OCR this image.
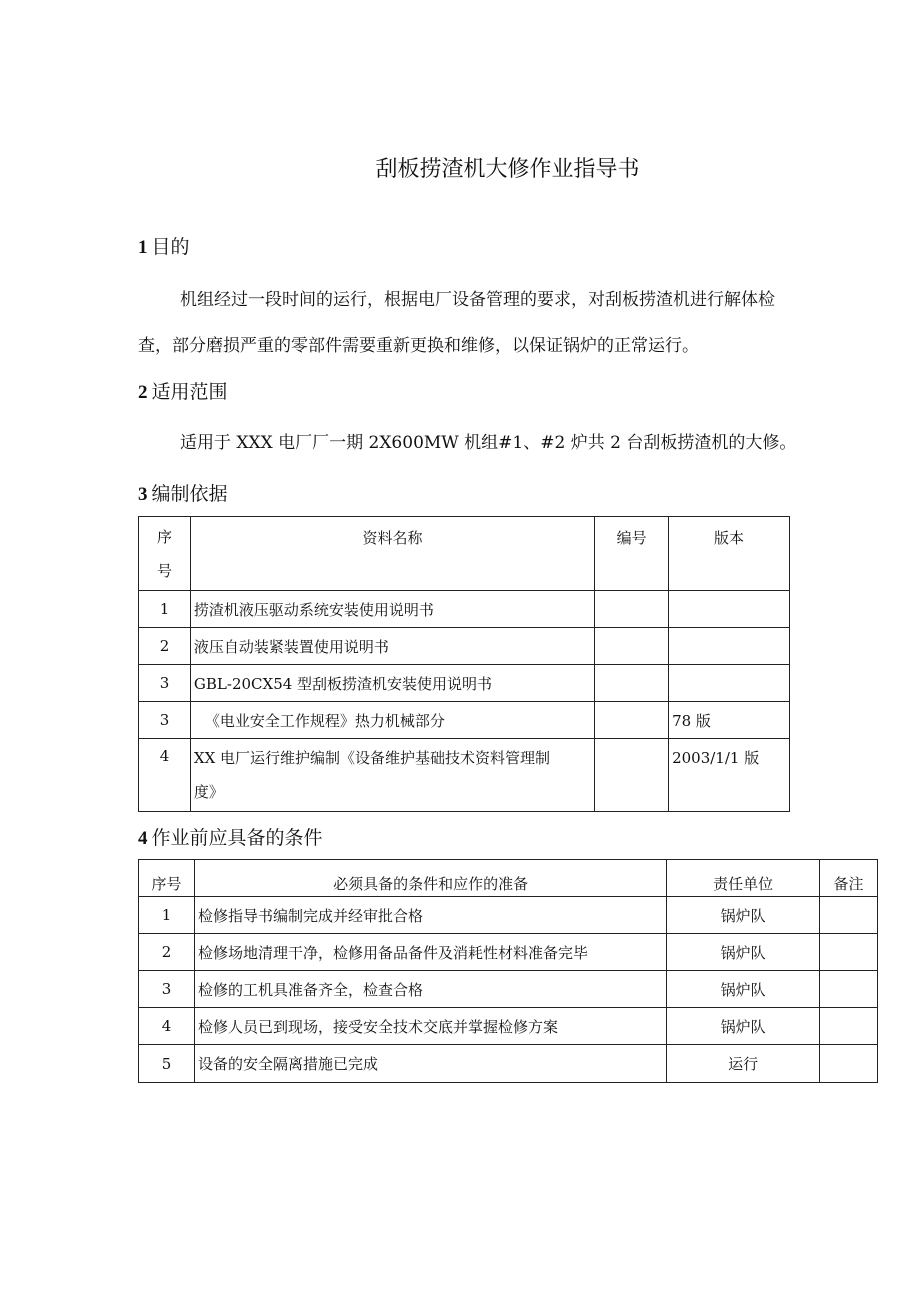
刮板捞渣机大修作业指导书
1 目的
机组经过一段时间的运行，根据电厂设备管理的要求，对刮板捞渣机进行解体检
查，部分磨损严重的零部件需要重新更换和维修，以保证锅炉的正常运行。
2 适用范围
适用于 XXX 电厂厂一期 2X600MW 机组#1、#2 炉共 2 台刮板捞渣机的大修。
3 编制依据
序
号	资料名称	编号	版本
1	捞渣机液压驱动系统安装使用说明书		
2	液压自动装紧装置使用说明书		
3	GBL-20CX54 型刮板捞渣机安装使用说明书		
3	《电业安全工作规程》热力机械部分		78 版
4	XX 电厂运行维护编制《设备维护基础技术资料管理制
度》		2003/1/1 版
4 作业前应具备的条件
序号	必须具备的条件和应作的准备	责任单位	备注
1	检修指导书编制完成并经审批合格	锅炉队	
2	检修场地清理干净，检修用备品备件及消耗性材料准备完毕	锅炉队	
3	检修的工机具准备齐全，检查合格	锅炉队	
4	检修人员已到现场，接受安全技术交底并掌握检修方案	锅炉队	
5	设备的安全隔离措施已完成	运行	
